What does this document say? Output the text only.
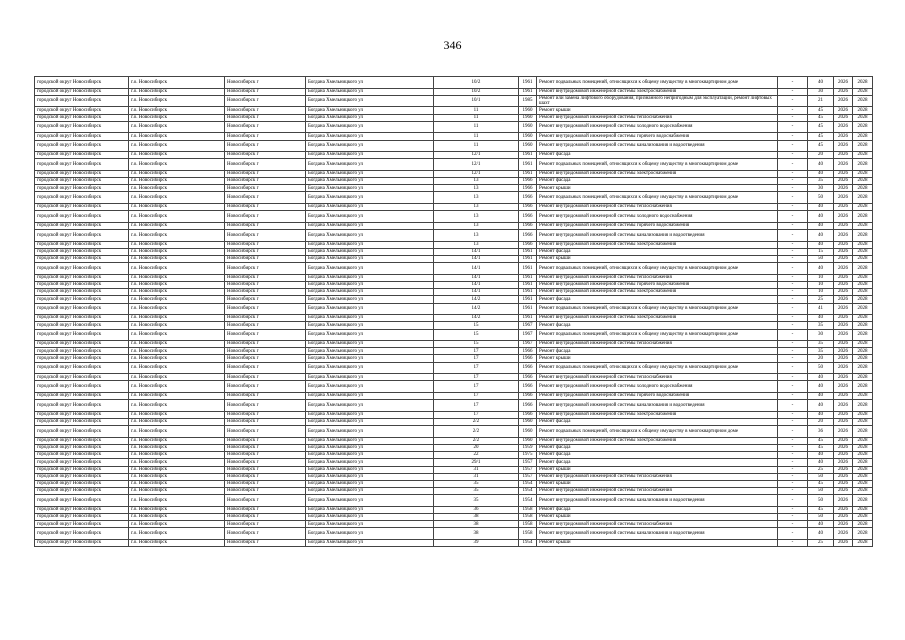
346
городской округ Новосибирск	г.о. Новосибирск	Новосибирск г	Богдана Хмельницкого ул	10/2	1961	Ремонт подвальных помещений, относящихся к общему имуществу в многоквартирном доме	-	40	2026	2028
городской округ Новосибирск	г.о. Новосибирск	Новосибирск г	Богдана Хмельницкого ул	10/2	1961	Ремонт внутридомовой инженерной системы электроснабжения	-	30	2026	2028
городской округ Новосибирск	г.о. Новосибирск	Новосибирск г	Богдана Хмельницкого ул	10/1	1985	Ремонт или замена лифтового оборудования, признанного непригодным для эксплуатации, ремонт лифтовых шахт	-	21	2026	2028
городской округ Новосибирск	г.о. Новосибирск	Новосибирск г	Богдана Хмельницкого ул	11	1960	Ремонт крыши	-	45	2026	2028
городской округ Новосибирск	г.о. Новосибирск	Новосибирск г	Богдана Хмельницкого ул	11	1960	Ремонт внутридомовой инженерной системы теплоснабжения	-	45	2026	2028
городской округ Новосибирск	г.о. Новосибирск	Новосибирск г	Богдана Хмельницкого ул	11	1960	Ремонт внутридомовой инженерной системы холодного водоснабжения	-	45	2026	2028
городской округ Новосибирск	г.о. Новосибирск	Новосибирск г	Богдана Хмельницкого ул	11	1960	Ремонт внутридомовой инженерной системы горячего водоснабжения	-	45	2026	2028
городской округ Новосибирск	г.о. Новосибирск	Новосибирск г	Богдана Хмельницкого ул	11	1960	Ремонт внутридомовой инженерной системы канализования и водоотведения	-	45	2026	2028
городской округ Новосибирск	г.о. Новосибирск	Новосибирск г	Богдана Хмельницкого ул	12/1	1961	Ремонт фасада	-	20	2026	2028
городской округ Новосибирск	г.о. Новосибирск	Новосибирск г	Богдана Хмельницкого ул	12/1	1961	Ремонт подвальных помещений, относящихся к общему имуществу в многоквартирном доме	-	40	2026	2028
городской округ Новосибирск	г.о. Новосибирск	Новосибирск г	Богдана Хмельницкого ул	12/1	1961	Ремонт внутридомовой инженерной системы электроснабжения	-	40	2026	2028
городской округ Новосибирск	г.о. Новосибирск	Новосибирск г	Богдана Хмельницкого ул	13	1966	Ремонт фасада	-	35	2026	2028
городской округ Новосибирск	г.о. Новосибирск	Новосибирск г	Богдана Хмельницкого ул	13	1966	Ремонт крыши	-	30	2026	2028
городской округ Новосибирск	г.о. Новосибирск	Новосибирск г	Богдана Хмельницкого ул	13	1966	Ремонт подвальных помещений, относящихся к общему имуществу в многоквартирном доме	-	50	2026	2028
городской округ Новосибирск	г.о. Новосибирск	Новосибирск г	Богдана Хмельницкого ул	13	1966	Ремонт внутридомовой инженерной системы теплоснабжения	-	40	2026	2028
городской округ Новосибирск	г.о. Новосибирск	Новосибирск г	Богдана Хмельницкого ул	13	1966	Ремонт внутридомовой инженерной системы холодного водоснабжения	-	40	2026	2028
городской округ Новосибирск	г.о. Новосибирск	Новосибирск г	Богдана Хмельницкого ул	13	1966	Ремонт внутридомовой инженерной системы горячего водоснабжения	-	40	2026	2028
городской округ Новосибирск	г.о. Новосибирск	Новосибирск г	Богдана Хмельницкого ул	13	1966	Ремонт внутридомовой инженерной системы канализования и водоотведения	-	40	2026	2028
городской округ Новосибирск	г.о. Новосибирск	Новосибирск г	Богдана Хмельницкого ул	13	1966	Ремонт внутридомовой инженерной системы электроснабжения	-	40	2026	2028
городской округ Новосибирск	г.о. Новосибирск	Новосибирск г	Богдана Хмельницкого ул	14/1	1961	Ремонт фасада	-	15	2026	2028
городской округ Новосибирск	г.о. Новосибирск	Новосибирск г	Богдана Хмельницкого ул	14/1	1961	Ремонт крыши	-	50	2026	2028
городской округ Новосибирск	г.о. Новосибирск	Новосибирск г	Богдана Хмельницкого ул	14/1	1961	Ремонт подвальных помещений, относящихся к общему имуществу в многоквартирном доме	-	40	2026	2028
городской округ Новосибирск	г.о. Новосибирск	Новосибирск г	Богдана Хмельницкого ул	14/1	1961	Ремонт внутридомовой инженерной системы теплоснабжения	-	10	2026	2028
городской округ Новосибирск	г.о. Новосибирск	Новосибирск г	Богдана Хмельницкого ул	14/1	1961	Ремонт внутридомовой инженерной системы горячего водоснабжения	-	10	2026	2028
городской округ Новосибирск	г.о. Новосибирск	Новосибирск г	Богдана Хмельницкого ул	14/1	1961	Ремонт внутридомовой инженерной системы электроснабжения	-	10	2026	2028
городской округ Новосибирск	г.о. Новосибирск	Новосибирск г	Богдана Хмельницкого ул	14/2	1961	Ремонт фасада	-	25	2026	2028
городской округ Новосибирск	г.о. Новосибирск	Новосибирск г	Богдана Хмельницкого ул	14/2	1961	Ремонт подвальных помещений, относящихся к общему имуществу в многоквартирном доме	-	41	2026	2028
городской округ Новосибирск	г.о. Новосибирск	Новосибирск г	Богдана Хмельницкого ул	14/2	1961	Ремонт внутридомовой инженерной системы электроснабжения	-	40	2026	2028
городской округ Новосибирск	г.о. Новосибирск	Новосибирск г	Богдана Хмельницкого ул	15	1967	Ремонт фасада	-	35	2026	2028
городской округ Новосибирск	г.о. Новосибирск	Новосибирск г	Богдана Хмельницкого ул	15	1967	Ремонт подвальных помещений, относящихся к общему имуществу в многоквартирном доме	-	30	2026	2028
городской округ Новосибирск	г.о. Новосибирск	Новосибирск г	Богдана Хмельницкого ул	15	1967	Ремонт внутридомовой инженерной системы теплоснабжения	-	35	2026	2028
городской округ Новосибирск	г.о. Новосибирск	Новосибирск г	Богдана Хмельницкого ул	17	1966	Ремонт фасада	-	35	2026	2028
городской округ Новосибирск	г.о. Новосибирск	Новосибирск г	Богдана Хмельницкого ул	17	1966	Ремонт крыши	-	20	2026	2028
городской округ Новосибирск	г.о. Новосибирск	Новосибирск г	Богдана Хмельницкого ул	17	1966	Ремонт подвальных помещений, относящихся к общему имуществу в многоквартирном доме	-	50	2026	2028
городской округ Новосибирск	г.о. Новосибирск	Новосибирск г	Богдана Хмельницкого ул	17	1966	Ремонт внутридомовой инженерной системы теплоснабжения	-	40	2026	2028
городской округ Новосибирск	г.о. Новосибирск	Новосибирск г	Богдана Хмельницкого ул	17	1966	Ремонт внутридомовой инженерной системы холодного водоснабжения	-	40	2026	2028
городской округ Новосибирск	г.о. Новосибирск	Новосибирск г	Богдана Хмельницкого ул	17	1966	Ремонт внутридомовой инженерной системы горячего водоснабжения	-	40	2026	2028
городской округ Новосибирск	г.о. Новосибирск	Новосибирск г	Богдана Хмельницкого ул	17	1966	Ремонт внутридомовой инженерной системы канализования и водоотведения	-	40	2026	2028
городской округ Новосибирск	г.о. Новосибирск	Новосибирск г	Богдана Хмельницкого ул	17	1966	Ремонт внутридомовой инженерной системы электроснабжения	-	40	2026	2028
городской округ Новосибирск	г.о. Новосибирск	Новосибирск г	Богдана Хмельницкого ул	2/2	1960	Ремонт фасада	-	20	2026	2028
городской округ Новосибирск	г.о. Новосибирск	Новосибирск г	Богдана Хмельницкого ул	2/2	1960	Ремонт подвальных помещений, относящихся к общему имуществу в многоквартирном доме	-	36	2026	2028
городской округ Новосибирск	г.о. Новосибирск	Новосибирск г	Богдана Хмельницкого ул	2/2	1960	Ремонт внутридомовой инженерной системы электроснабжения	-	45	2026	2028
городской округ Новосибирск	г.о. Новосибирск	Новосибирск г	Богдана Хмельницкого ул	20	1959	Ремонт фасада	-	45	2026	2028
городской округ Новосибирск	г.о. Новосибирск	Новосибирск г	Богдана Хмельницкого ул	22	1975	Ремонт фасада	-	40	2026	2028
городской округ Новосибирск	г.о. Новосибирск	Новосибирск г	Богдана Хмельницкого ул	29/1	1957	Ремонт фасада	-	40	2026	2028
городской округ Новосибирск	г.о. Новосибирск	Новосибирск г	Богдана Хмельницкого ул	31	1957	Ремонт крыши	-	25	2026	2028
городской округ Новосибирск	г.о. Новосибирск	Новосибирск г	Богдана Хмельницкого ул	31	1957	Ремонт внутридомовой инженерной системы теплоснабжения	-	50	2026	2028
городской округ Новосибирск	г.о. Новосибирск	Новосибирск г	Богдана Хмельницкого ул	35	1954	Ремонт крыши	-	45	2026	2028
городской округ Новосибирск	г.о. Новосибирск	Новосибирск г	Богдана Хмельницкого ул	35	1954	Ремонт внутридомовой инженерной системы теплоснабжения	-	50	2026	2028
городской округ Новосибирск	г.о. Новосибирск	Новосибирск г	Богдана Хмельницкого ул	35	1954	Ремонт внутридомовой инженерной системы канализования и водоотведения	-	50	2026	2028
городской округ Новосибирск	г.о. Новосибирск	Новосибирск г	Богдана Хмельницкого ул	36	1958	Ремонт фасада	-	45	2026	2028
городской округ Новосибирск	г.о. Новосибирск	Новосибирск г	Богдана Хмельницкого ул	38	1958	Ремонт крыши	-	50	2026	2028
городской округ Новосибирск	г.о. Новосибирск	Новосибирск г	Богдана Хмельницкого ул	38	1958	Ремонт внутридомовой инженерной системы теплоснабжения	-	40	2026	2028
городской округ Новосибирск	г.о. Новосибирск	Новосибирск г	Богдана Хмельницкого ул	38	1958	Ремонт внутридомовой инженерной системы канализования и водоотведения	-	40	2026	2028
городской округ Новосибирск	г.о. Новосибирск	Новосибирск г	Богдана Хмельницкого ул	39	1954	Ремонт крыши	-	25	2026	2028
